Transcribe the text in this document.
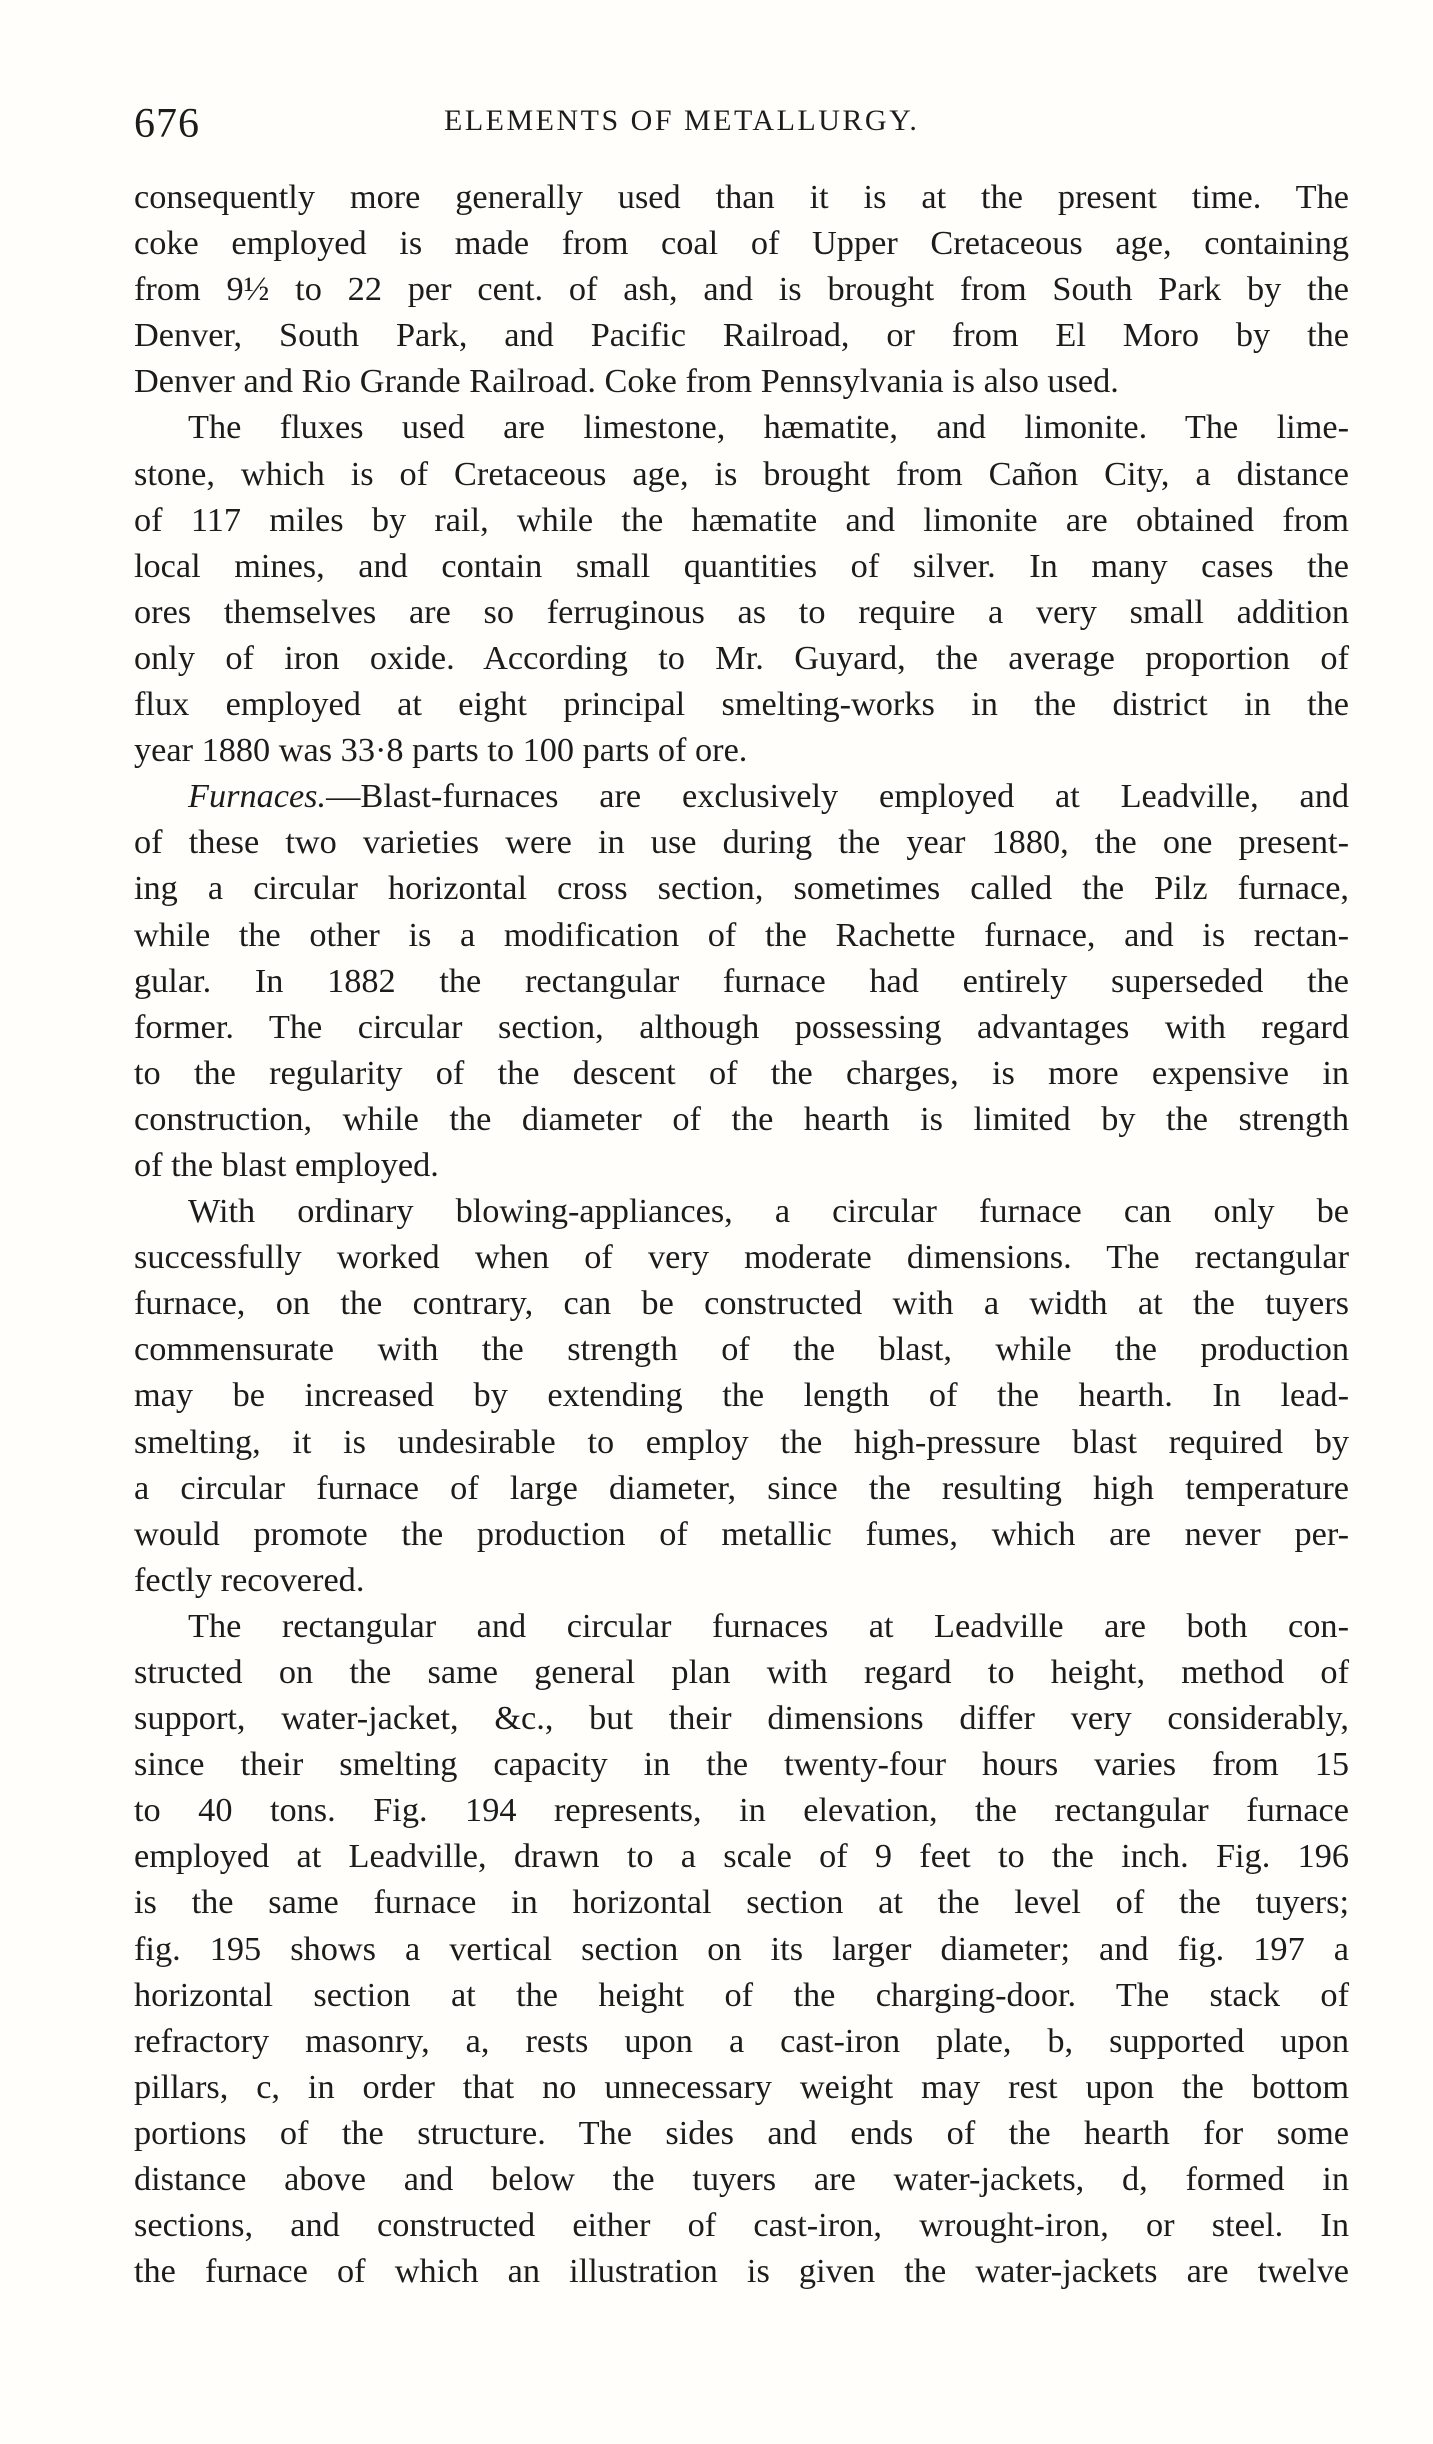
676	ELEMENTS OF METALLURGY.

consequently more generally used than it is at the present time. The
coke employed is made from coal of Upper Cretaceous age, containing
from 9½ to 22 per cent. of ash, and is brought from South Park by the
Denver, South Park, and Pacific Railroad, or from El Moro by the
Denver and Rio Grande Railroad. Coke from Pennsylvania is also used.

The fluxes used are limestone, hæmatite, and limonite. The lime-
stone, which is of Cretaceous age, is brought from Cañon City, a distance
of 117 miles by rail, while the hæmatite and limonite are obtained from
local mines, and contain small quantities of silver. In many cases the
ores themselves are so ferruginous as to require a very small addition
only of iron oxide. According to Mr. Guyard, the average proportion of
flux employed at eight principal smelting-works in the district in the
year 1880 was 33·8 parts to 100 parts of ore.

Furnaces.—Blast-furnaces are exclusively employed at Leadville, and
of these two varieties were in use during the year 1880, the one present-
ing a circular horizontal cross section, sometimes called the Pilz furnace,
while the other is a modification of the Rachette furnace, and is rectan-
gular. In 1882 the rectangular furnace had entirely superseded the
former. The circular section, although possessing advantages with regard
to the regularity of the descent of the charges, is more expensive in
construction, while the diameter of the hearth is limited by the strength
of the blast employed.

With ordinary blowing-appliances, a circular furnace can only be
successfully worked when of very moderate dimensions. The rectangular
furnace, on the contrary, can be constructed with a width at the tuyers
commensurate with the strength of the blast, while the production
may be increased by extending the length of the hearth. In lead-
smelting, it is undesirable to employ the high-pressure blast required by
a circular furnace of large diameter, since the resulting high temperature
would promote the production of metallic fumes, which are never per-
fectly recovered.

The rectangular and circular furnaces at Leadville are both con-
structed on the same general plan with regard to height, method of
support, water-jacket, &c., but their dimensions differ very considerably,
since their smelting capacity in the twenty-four hours varies from 15
to 40 tons. Fig. 194 represents, in elevation, the rectangular furnace
employed at Leadville, drawn to a scale of 9 feet to the inch. Fig. 196
is the same furnace in horizontal section at the level of the tuyers;
fig. 195 shows a vertical section on its larger diameter; and fig. 197 a
horizontal section at the height of the charging-door. The stack of
refractory masonry, a, rests upon a cast-iron plate, b, supported upon
pillars, c, in order that no unnecessary weight may rest upon the bottom
portions of the structure. The sides and ends of the hearth for some
distance above and below the tuyers are water-jackets, d, formed in
sections, and constructed either of cast-iron, wrought-iron, or steel. In
the furnace of which an illustration is given the water-jackets are twelve
